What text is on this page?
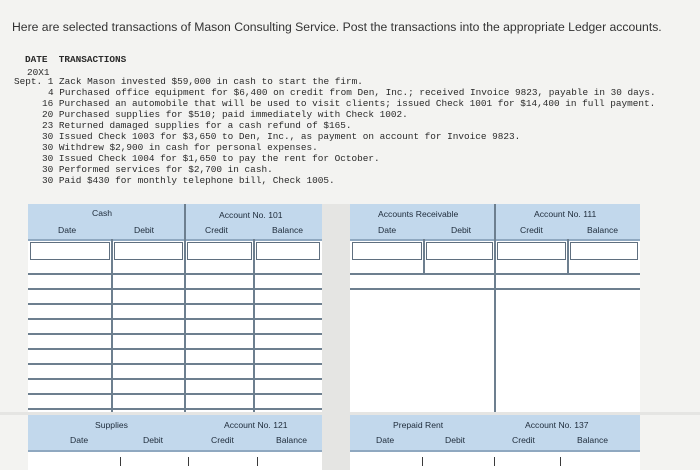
Here are selected transactions of Mason Consulting Service. Post the transactions into the appropriate Ledger accounts.
DATE TRANSACTIONS
20X1
Sept. 1 Zack Mason invested $59,000 in cash to start the firm.
4 Purchased office equipment for $6,400 on credit from Den, Inc.; received Invoice 9823, payable in 30 days.
16 Purchased an automobile that will be used to visit clients; issued Check 1001 for $14,400 in full payment.
20 Purchased supplies for $510; paid immediately with Check 1002.
23 Returned damaged supplies for a cash refund of $165.
30 Issued Check 1003 for $3,650 to Den, Inc., as payment on account for Invoice 9823.
30 Withdrew $2,900 in cash for personal expenses.
30 Issued Check 1004 for $1,650 to pay the rent for October.
30 Performed services for $2,700 in cash.
30 Paid $430 for monthly telephone bill, Check 1005.
Cash	Account No. 101
Date	Debit	Credit	Balance
Accounts Receivable	Account No. 111
Date	Debit	Credit	Balance
Supplies	Account No. 121
Date	Debit	Credit	Balance
Prepaid Rent	Account No. 137
Date	Debit	Credit	Balance
